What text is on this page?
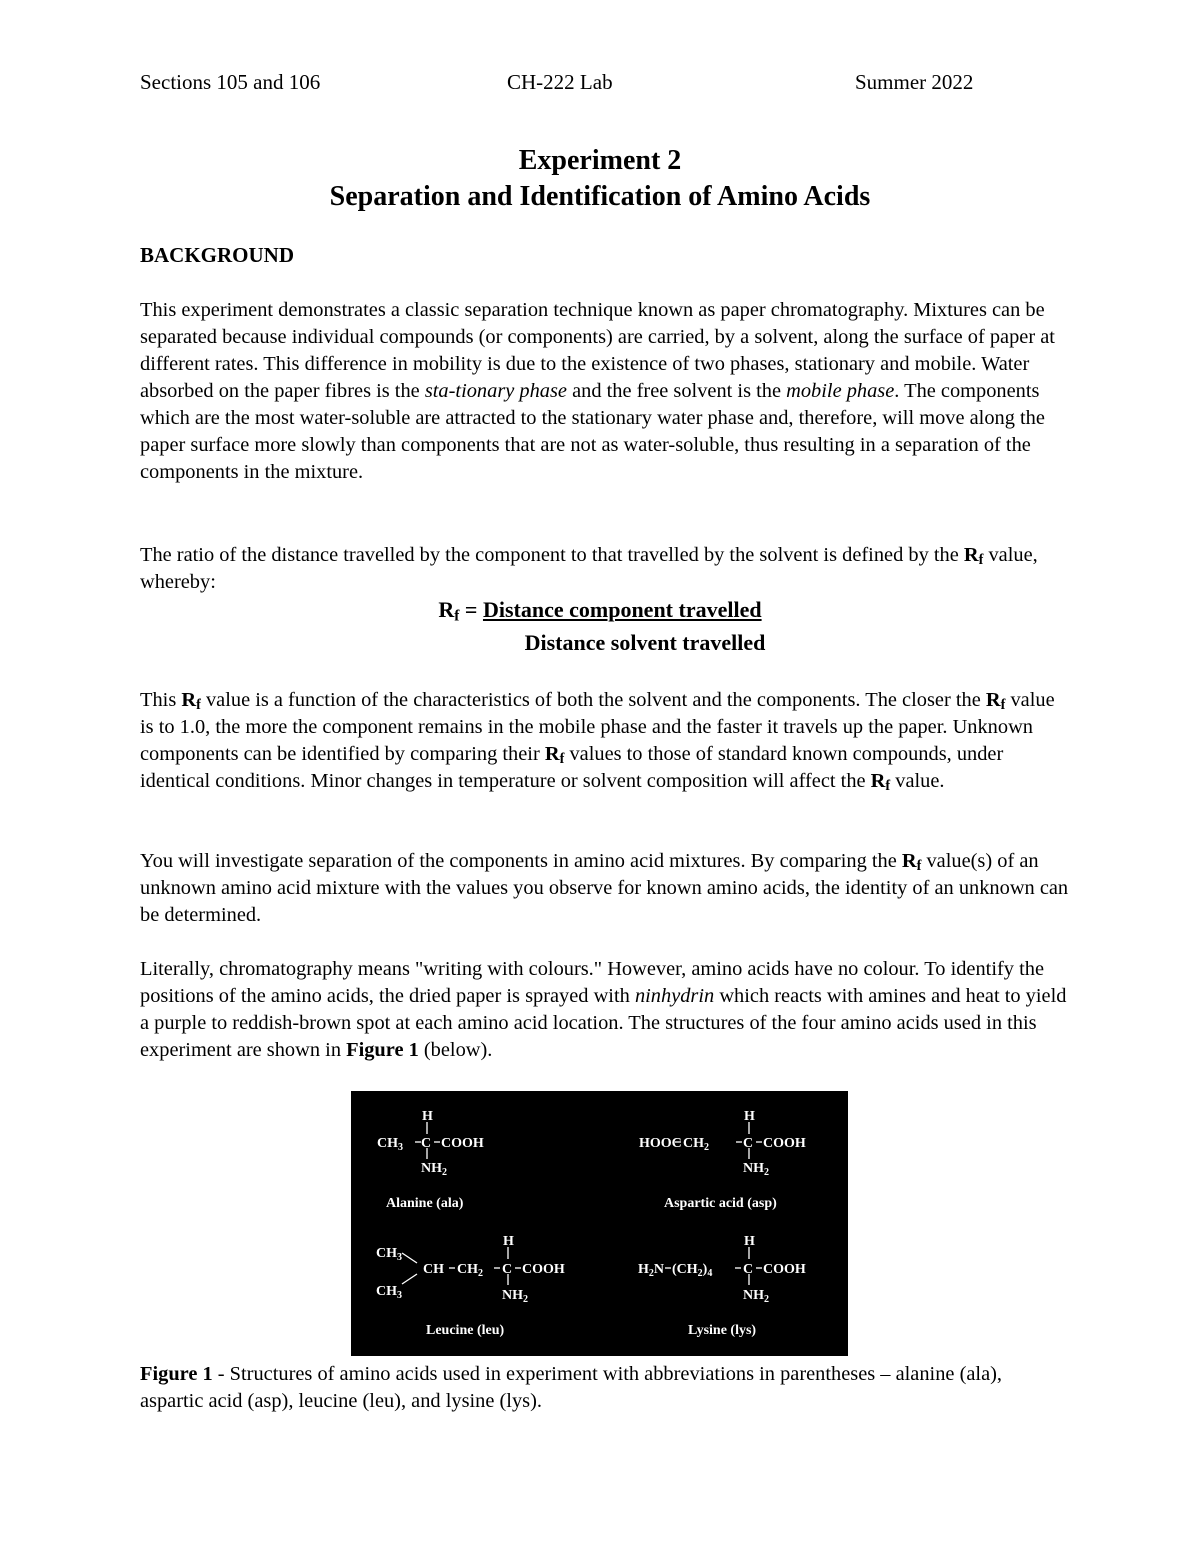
Sections 105 and 106	CH-222 Lab	Summer 2022
Experiment 2
Separation and Identification of Amino Acids
BACKGROUND

This experiment demonstrates a classic separation technique known as paper chromatography. Mixtures can be separated because individual compounds (or components) are carried, by a solvent, along the surface of paper at different rates. This difference in mobility is due to the existence of two phases, stationary and mobile. Water absorbed on the paper fibres is the sta-tionary phase and the free solvent is the mobile phase. The components which are the most water-soluble are attracted to the stationary water phase and, therefore, will move along the paper surface more slowly than components that are not as water-soluble, thus resulting in a separation of the components in the mixture.

The ratio of the distance travelled by the component to that travelled by the solvent is defined by the $R_f$ value, whereby:

$R_f$ = Distance component travelled
Distance solvent travelled

This $R_f$ value is a function of the characteristics of both the solvent and the components. The closer the $R_f$ value is to 1.0, the more the component remains in the mobile phase and the faster it travels up the paper. Unknown components can be identified by comparing their $R_f$ values to those of standard known compounds, under identical conditions. Minor changes in temperature or solvent composition will affect the $R_f$ value.

You will investigate separation of the components in amino acid mixtures. By comparing the $R_f$ value(s) of an unknown amino acid mixture with the values you observe for known amino acids, the identity of an unknown can be determined.

Literally, chromatography means "writing with colours." However, amino acids have no colour. To identify the positions of the amino acids, the dried paper is sprayed with ninhydrin which reacts with amines and heat to yield a purple to reddish-brown spot at each amino acid location. The structures of the four amino acids used in this experiment are shown in Figure 1 (below).

H
$CH_3$ C COOH
$NH_2$
Alanine (ala)
H
HOOC $CH_2$ C COOH
$NH_2$
Aspartic acid (asp)
H
$CH_3$
$CH_3$
CH $CH_2$ C COOH
$NH_2$
Leucine (leu)
H
$H_2N$ $(CH_2)_4$ C COOH
$NH_2$
Lysine (lys)

Figure 1 - Structures of amino acids used in experiment with abbreviations in parentheses – alanine (ala), aspartic acid (asp), leucine (leu), and lysine (lys).
